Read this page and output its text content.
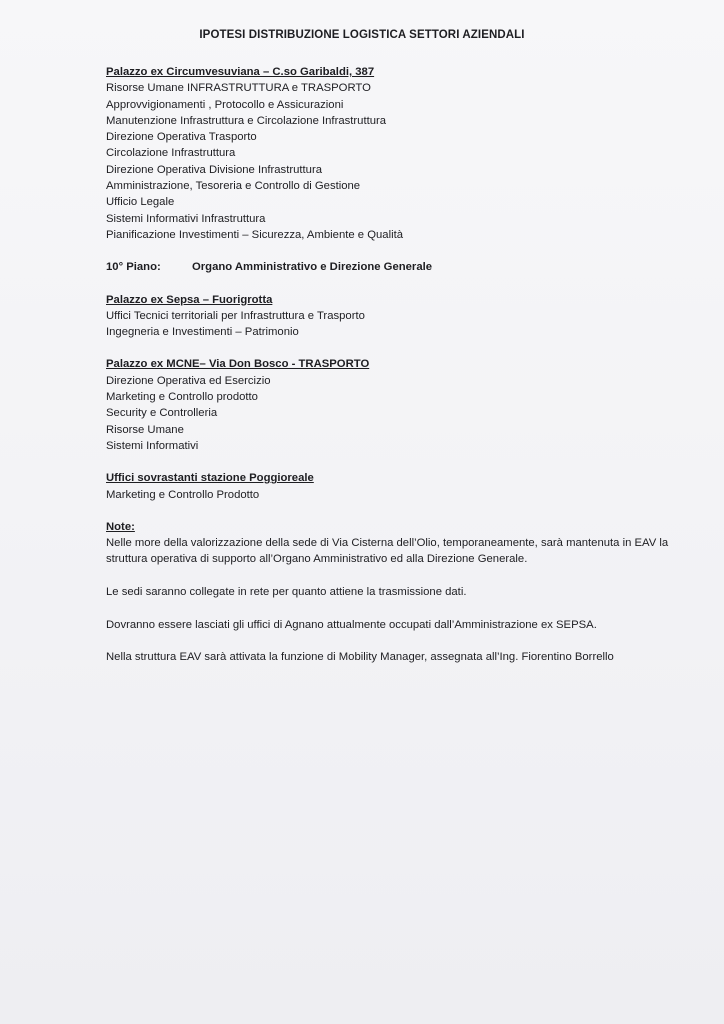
IPOTESI DISTRIBUZIONE LOGISTICA SETTORI AZIENDALI
Palazzo ex Circumvesuviana – C.so Garibaldi, 387
Risorse Umane INFRASTRUTTURA e TRASPORTO
Approvvigionamenti , Protocollo e Assicurazioni
Manutenzione Infrastruttura e Circolazione Infrastruttura
Direzione Operativa Trasporto
Circolazione Infrastruttura
Direzione Operativa Divisione Infrastruttura
Amministrazione, Tesoreria e Controllo di Gestione
Ufficio Legale
Sistemi Informativi Infrastruttura
Pianificazione Investimenti – Sicurezza, Ambiente e Qualità
10° Piano:	Organo Amministrativo e Direzione Generale
Palazzo ex Sepsa – Fuorigrotta
Uffici Tecnici territoriali per Infrastruttura e Trasporto
Ingegneria e Investimenti – Patrimonio
Palazzo ex MCNE– Via Don Bosco - TRASPORTO
Direzione Operativa ed Esercizio
Marketing e Controllo prodotto
Security e Controlleria
Risorse Umane
Sistemi Informativi
Uffici sovrastanti stazione Poggioreale
Marketing e Controllo Prodotto
Note:

Nelle more della valorizzazione della sede di Via Cisterna dell’Olio, temporaneamente, sarà mantenuta in EAV la struttura operativa di supporto all’Organo Amministrativo ed alla Direzione Generale.

Le sedi saranno collegate in rete per quanto attiene la trasmissione dati.

Dovranno essere lasciati gli uffici di Agnano attualmente occupati dall’Amministrazione ex SEPSA.

Nella struttura EAV sarà attivata la funzione di Mobility Manager, assegnata all’Ing. Fiorentino Borrello
